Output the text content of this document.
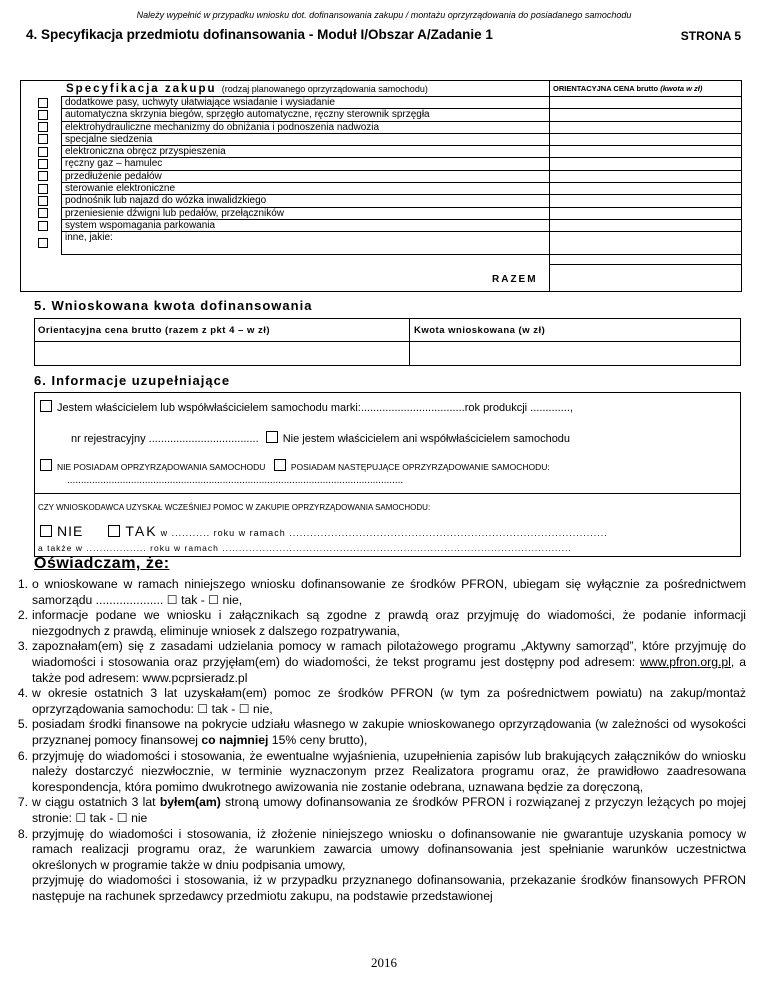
Należy wypełnić w przypadku wniosku dot. dofinansowania zakupu / montażu oprzyrządowania do posiadanego samochodu
4. Specyfikacja przedmiotu dofinansowania - Moduł I/Obszar A/Zadanie 1	STRONA 5
Specyfikacja zakupu (rodzaj planowanego oprzyrządowania samochodu)	ORIENTACYJNA CENA brutto (kwota w zł)
dodatkowe pasy, uchwyty ułatwiające wsiadanie i wysiadanie
automatyczna skrzynia biegów, sprzęgło automatyczne, ręczny sterownik sprzęgła
elektrohydrauliczne mechanizmy do obniżania i podnoszenia nadwozia
specjalne siedzenia
elektroniczna obręcz przyspieszenia
ręczny gaz – hamulec
przedłużenie pedałów
sterowanie elektroniczne
podnośnik lub najazd do wózka inwalidzkiego
przeniesienie dźwigni lub pedałów, przełączników
system wspomagania parkowania
inne, jakie:
RAZEM
5. Wnioskowana kwota dofinansowania
Orientacyjna cena brutto (razem z pkt 4 – w zł)	Kwota wnioskowana (w zł)
6. Informacje uzupełniające
Jestem właścicielem lub współwłaścicielem samochodu marki:..................................rok produkcji .............,
nr rejestracyjny .................................... Nie jestem właścicielem ani współwłaścicielem samochodu
NIE POSIADAM OPRZYRZĄDOWANIA SAMOCHODU	POSIADAM NASTĘPUJĄCE OPRZYRZĄDOWANIE SAMOCHODU:
.........................................................................................................................
CZY WNIOSKODAWCA UZYSKAŁ WCZEŚNIEJ POMOC W ZAKUPIE OPRZYRZĄDOWANIA SAMOCHODU:
NIE	TAK w ........... roku w ramach ...........................................................................................
a także w .................. roku w ramach ........................................................................................................
Oświadczam, że:
1. o wnioskowane w ramach niniejszego wniosku dofinansowanie ze środków PFRON, ubiegam się wyłącznie za pośrednictwem samorządu .................... ☐ tak - ☐ nie,
2. informacje podane we wniosku i załącznikach są zgodne z prawdą oraz przyjmuję do wiadomości, że podanie informacji niezgodnych z prawdą, eliminuje wniosek z dalszego rozpatrywania,
3. zapoznałam(em) się z zasadami udzielania pomocy w ramach pilotażowego programu „Aktywny samorząd”, które przyjmuję do wiadomości i stosowania oraz przyjęłam(em) do wiadomości, że tekst programu jest dostępny pod adresem: www.pfron.org.pl, a także pod adresem: www.pcprsieradz.pl
4. w okresie ostatnich 3 lat uzyskałam(em) pomoc ze środków PFRON (w tym za pośrednictwem powiatu) na zakup/montaż oprzyrządowania samochodu: ☐ tak - ☐ nie,
5. posiadam środki finansowe na pokrycie udziału własnego w zakupie wnioskowanego oprzyrządowania (w zależności od wysokości przyznanej pomocy finansowej co najmniej 15% ceny brutto),
6. przyjmuję do wiadomości i stosowania, że ewentualne wyjaśnienia, uzupełnienia zapisów lub brakujących załączników do wniosku należy dostarczyć niezwłocznie, w terminie wyznaczonym przez Realizatora programu oraz, że prawidłowo zaadresowana korespondencja, która pomimo dwukrotnego awizowania nie zostanie odebrana, uznawana będzie za doręczoną,
7. w ciągu ostatnich 3 lat byłem(am) stroną umowy dofinansowania ze środków PFRON i rozwiązanej z przyczyn leżących po mojej stronie: ☐ tak - ☐ nie
8. przyjmuję do wiadomości i stosowania, iż złożenie niniejszego wniosku o dofinansowanie nie gwarantuje uzyskania pomocy w ramach realizacji programu oraz, że warunkiem zawarcia umowy dofinansowania jest spełnianie warunków uczestnictwa określonych w programie także w dniu podpisania umowy,
przyjmuję do wiadomości i stosowania, iż w przypadku przyznanego dofinansowania, przekazanie środków finansowych PFRON następuje na rachunek sprzedawcy przedmiotu zakupu, na podstawie przedstawionej
2016
